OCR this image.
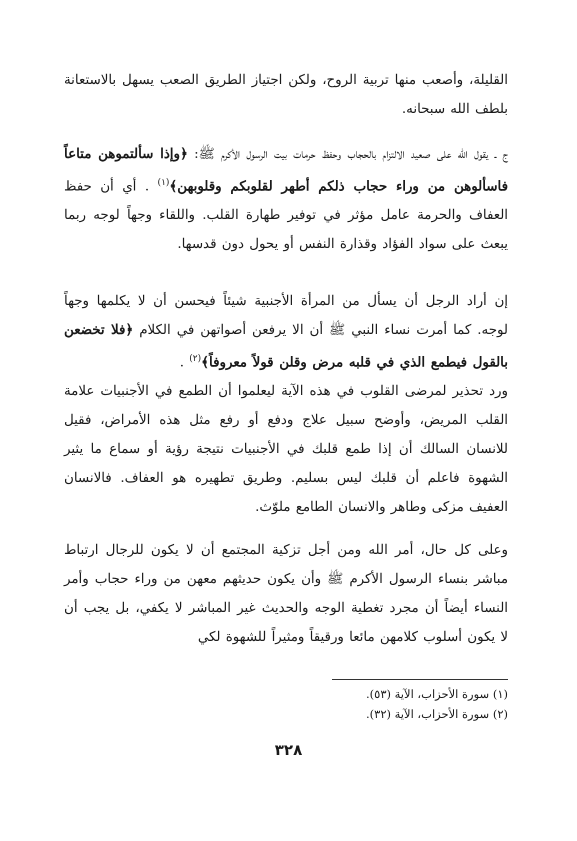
القليلة، وأصعب منها تربية الروح، ولكن اجتياز الطريق الصعب يسهل بالاستعانة بلطف الله سبحانه.

ج ـ يقول الله على صعيد الالتزام بالحجاب وحفظ حرمات بيت الرسول الأكرم ﷺ: ﴿وإذا سألتموهن متاعاً فاسألوهن من وراء حجاب ذلكم أطهر لقلوبكم وقلوبهن﴾$^{(١)}$ . أي أن حفظ العفاف والحرمة عامل مؤثر في توفير طهارة القلب. واللقاء وجهاً لوجه ربما يبعث على سواد الفؤاد وقذارة النفس أو يحول دون قدسها.

إن أراد الرجل أن يسأل من المرأة الأجنبية شيئاً فيحسن أن لا يكلمها وجهاً لوجه. كما أمرت نساء النبي ﷺ أن الا يرفعن أصواتهن في الكلام ﴿فلا تخضعن بالقول فيطمع الذي في قلبه مرض وقلن قولاً معروفاً﴾$^{(٢)}$ .

ورد تحذير لمرضى القلوب في هذه الآية ليعلموا أن الطمع في الأجنبيات علامة القلب المريض، وأوضح سبيل علاج ودفع أو رفع مثل هذه الأمراض، فقيل للانسان السالك أن إذا طمع قلبك في الأجنبيات نتيجة رؤية أو سماع ما يثير الشهوة فاعلم أن قلبك ليس بسليم. وطريق تطهيره هو العفاف. فالانسان العفيف مزكى وطاهر والانسان الطامع ملوّث.

وعلى كل حال، أمر الله ومن أجل تزكية المجتمع أن لا يكون للرجال ارتباط مباشر بنساء الرسول الأكرم ﷺ وأن يكون حديثهم معهن من وراء حجاب وأمر النساء أيضاً أن مجرد تغطية الوجه والحديث غير المباشر لا يكفي، بل يجب أن لا يكون أسلوب كلامهن مائعا ورقيقاً ومثيراً للشهوة لكي

(١) سورة الأحزاب، الآية (٥٣).
(٢) سورة الأحزاب، الآية (٣٢).
٣٢٨
